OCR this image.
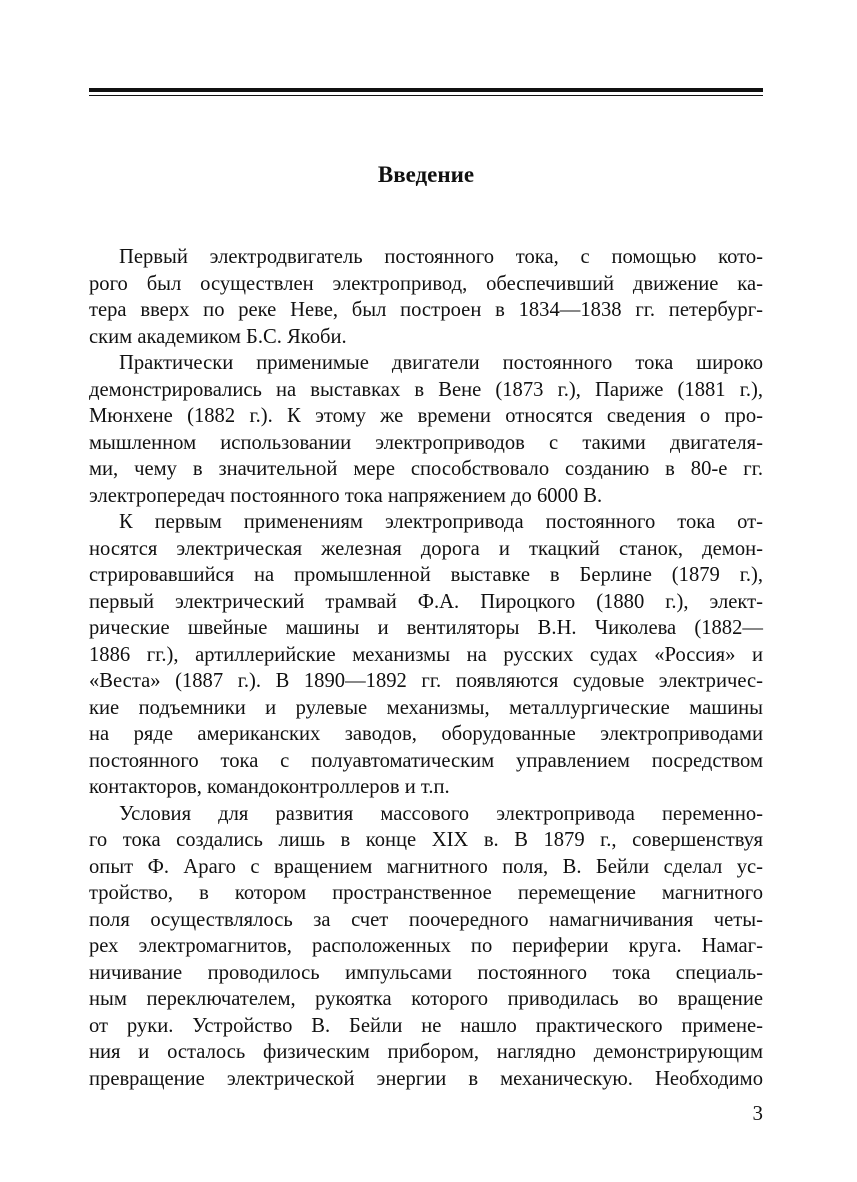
Введение

Первый электродвигатель постоянного тока, с помощью кото-
рого был осуществлен электропривод, обеспечивший движение ка-
тера вверх по реке Неве, был построен в 1834—1838 гг. петербург-
ским академиком Б.С. Якоби.

Практически применимые двигатели постоянного тока широко
демонстрировались на выставках в Вене (1873 г.), Париже (1881 г.),
Мюнхене (1882 г.). К этому же времени относятся сведения о про-
мышленном использовании электроприводов с такими двигателя-
ми, чему в значительной мере способствовало созданию в 80-е гг.
электропередач постоянного тока напряжением до 6000 В.

К первым применениям электропривода постоянного тока от-
носятся электрическая железная дорога и ткацкий станок, демон-
стрировавшийся на промышленной выставке в Берлине (1879 г.),
первый электрический трамвай Ф.А. Пироцкого (1880 г.), элект-
рические швейные машины и вентиляторы В.Н. Чиколева (1882—
1886 гг.), артиллерийские механизмы на русских судах «Россия» и
«Веста» (1887 г.). В 1890—1892 гг. появляются судовые электричес-
кие подъемники и рулевые механизмы, металлургические машины
на ряде американских заводов, оборудованные электроприводами
постоянного тока с полуавтоматическим управлением посредством
контакторов, командоконтроллеров и т.п.

Условия для развития массового электропривода переменно-
го тока создались лишь в конце XIX в. В 1879 г., совершенствуя
опыт Ф. Араго с вращением магнитного поля, В. Бейли сделал ус-
тройство, в котором пространственное перемещение магнитного
поля осуществлялось за счет поочередного намагничивания четы-
рех электромагнитов, расположенных по периферии круга. Намаг-
ничивание проводилось импульсами постоянного тока специаль-
ным переключателем, рукоятка которого приводилась во вращение
от руки. Устройство В. Бейли не нашло практического примене-
ния и осталось физическим прибором, наглядно демонстрирующим
превращение электрической энергии в механическую. Необходимо

3
